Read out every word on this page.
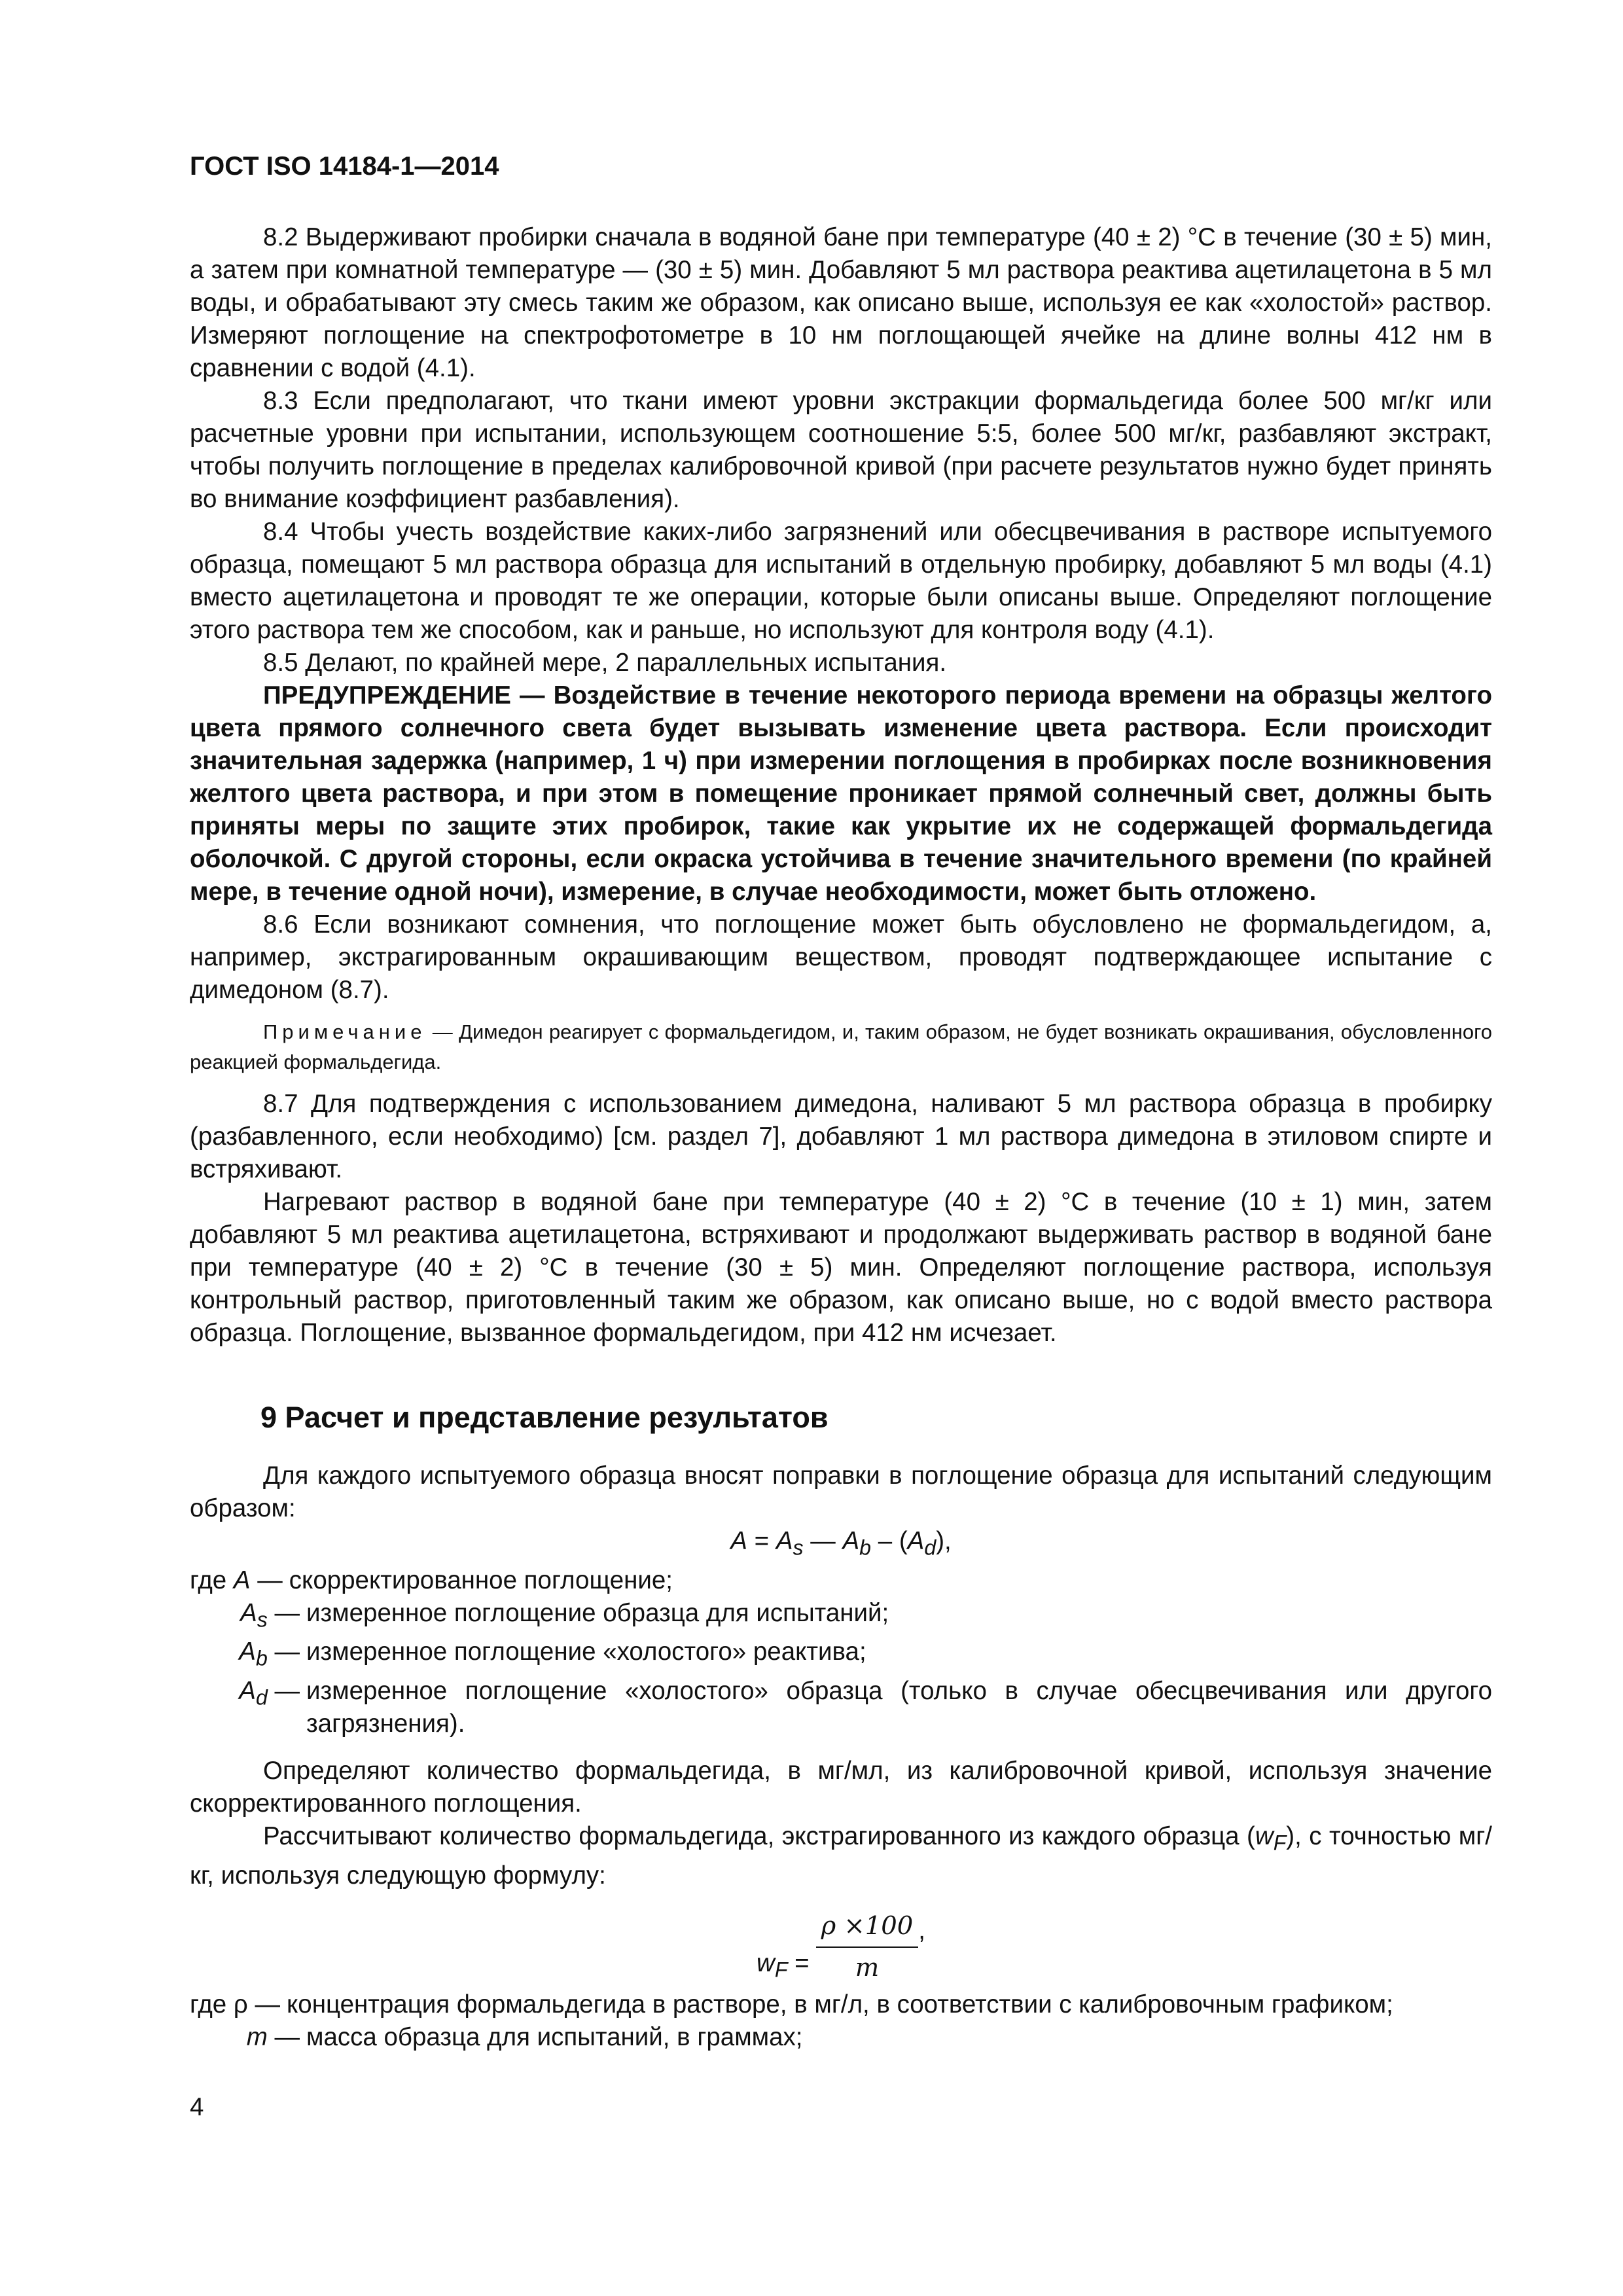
ГОСТ ISO 14184-1—2014

8.2 Выдерживают пробирки сначала в водяной бане при температуре (40 ± 2) °С в течение (30 ± 5) мин, а затем при комнатной температуре — (30 ± 5) мин. Добавляют 5 мл раствора реактива ацетилацетона в 5 мл воды, и обрабатывают эту смесь таким же образом, как описано выше, используя ее как «холостой» раствор. Измеряют поглощение на спектрофотометре в 10 нм поглощающей ячейке на длине волны 412 нм в сравнении с водой (4.1).

8.3 Если предполагают, что ткани имеют уровни экстракции формальдегида более 500 мг/кг или расчетные уровни при испытании, использующем соотношение 5:5, более 500 мг/кг, разбавляют экстракт, чтобы получить поглощение в пределах калибровочной кривой (при расчете результатов нужно будет принять во внимание коэффициент разбавления).

8.4 Чтобы учесть воздействие каких-либо загрязнений или обесцвечивания в растворе испытуемого образца, помещают 5 мл раствора образца для испытаний в отдельную пробирку, добавляют 5 мл воды (4.1) вместо ацетилацетона и проводят те же операции, которые были описаны выше. Определяют поглощение этого раствора тем же способом, как и раньше, но используют для контроля воду (4.1).

8.5 Делают, по крайней мере, 2 параллельных испытания.

ПРЕДУПРЕЖДЕНИЕ — Воздействие в течение некоторого периода времени на образцы желтого цвета прямого солнечного света будет вызывать изменение цвета раствора. Если происходит значительная задержка (например, 1 ч) при измерении поглощения в пробирках после возникновения желтого цвета раствора, и при этом в помещение проникает прямой солнечный свет, должны быть приняты меры по защите этих пробирок, такие как укрытие их не содержащей формальдегида оболочкой. С другой стороны, если окраска устойчива в течение значительного времени (по крайней мере, в течение одной ночи), измерение, в случае необходимости, может быть отложено.

8.6 Если возникают сомнения, что поглощение может быть обусловлено не формальдегидом, а, например, экстрагированным окрашивающим веществом, проводят подтверждающее испытание с димедоном (8.7).

Примечание — Димедон реагирует с формальдегидом, и, таким образом, не будет возникать окрашивания, обусловленного реакцией формальдегида.

8.7 Для подтверждения с использованием димедона, наливают 5 мл раствора образца в пробирку (разбавленного, если необходимо) [см. раздел 7], добавляют 1 мл раствора димедона в этиловом спирте и встряхивают.

Нагревают раствор в водяной бане при температуре (40 ± 2) °С в течение (10 ± 1) мин, затем добавляют 5 мл реактива ацетилацетона, встряхивают и продолжают выдерживать раствор в водяной бане при температуре (40 ± 2) °С в течение (30 ± 5) мин. Определяют поглощение раствора, используя контрольный раствор, приготовленный таким же образом, как описано выше, но с водой вместо раствора образца. Поглощение, вызванное формальдегидом, при 412 нм исчезает.

9 Расчет и представление результатов

Для каждого испытуемого образца вносят поправки в поглощение образца для испытаний следующим образом:

$A = A_s$ — $A_b - (A_d)$,
где A — скорректированное поглощение;
$A_s$ — измеренное поглощение образца для испытаний;
$A_b$ — измеренное поглощение «холостого» реактива;
$A_d$ — измеренное поглощение «холостого» образца (только в случае обесцвечивания или другого загрязнения).

Определяют количество формальдегида, в мг/мл, из калибровочной кривой, используя значение скорректированного поглощения.

Рассчитывают количество формальдегида, экстрагированного из каждого образца $(w_F)$, с точностью мг/кг, используя следующую формулу:

$w_F = \frac{\rho \times 100}{m}$ ,
где ρ — концентрация формальдегида в растворе, в мг/л, в соответствии с калибровочным графиком;
m — масса образца для испытаний, в граммах;
4
